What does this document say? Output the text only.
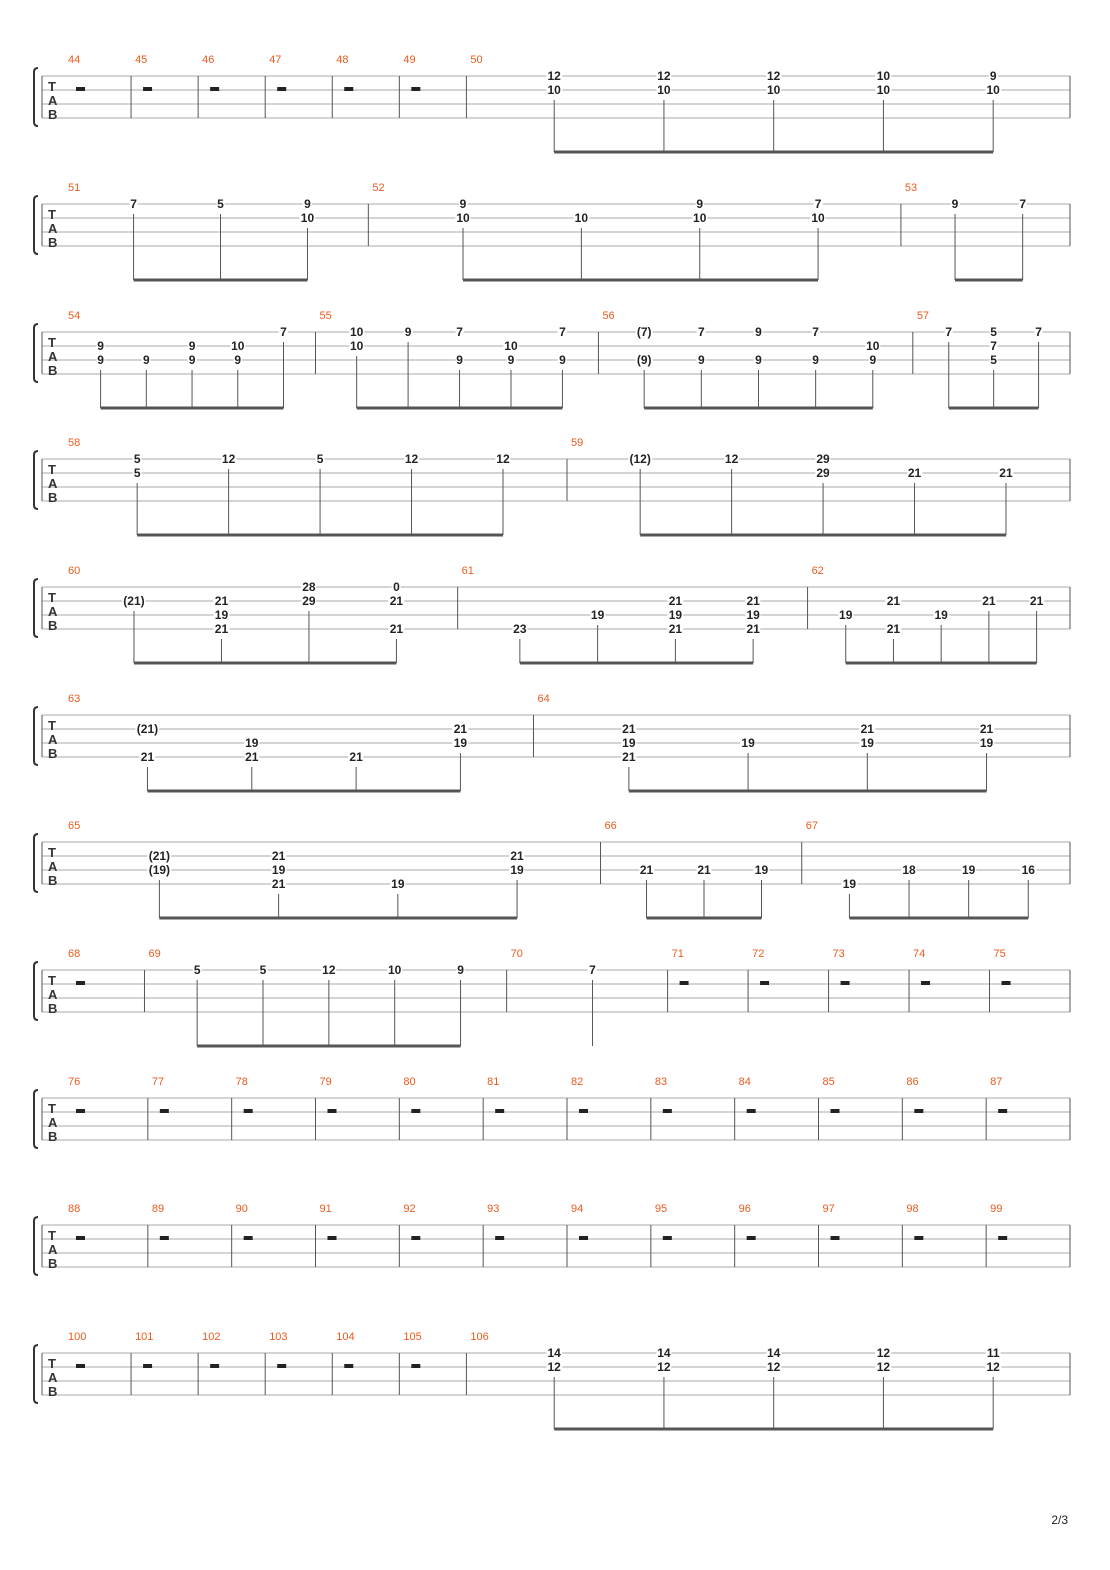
T
A
B
44	45	46	47	48	49	50
12
10
12
10
12
10
10
10
9
10
T
A
B
51
7	5	9
10
52
9
10	10
9
10
7
10
53
9	7
T
A
B
54
9
9	9
9
9
10
9
7
55
10
10
9	7
9
10
9
7
9
56
(7)
(9)
7
9
9
9
7
9
10
9
57
7	5
7
5
7
T
A
B
58
5
5
12	5	12	12
59
(12)	12	29
29	21	21
T
A
B
60
(21)	21
19
21
28
29
0
21
21
61
23
19
21
19
21
21
19
21
62
19
21
21
19
21	21
T
A
B
63
(21)
21
19
21	21
21
19
64
21
19
21
19
21
19
21
19
T
A
B
65
(21)
(19)
21
19
21	19
21
19
66
21	21	19
67
19
18	19	16
T
A
B
68	69
5	5	12	10	9
70
7
71	72	73	74	75
T
A
B
76	77	78	79	80	81	82	83	84	85	86	87
T
A
B
88	89	90	91	92	93	94	95	96	97	98	99
T
A
B
100	101	102	103	104	105	106
14
12
14
12
14
12
12
12
11
12
2/3
